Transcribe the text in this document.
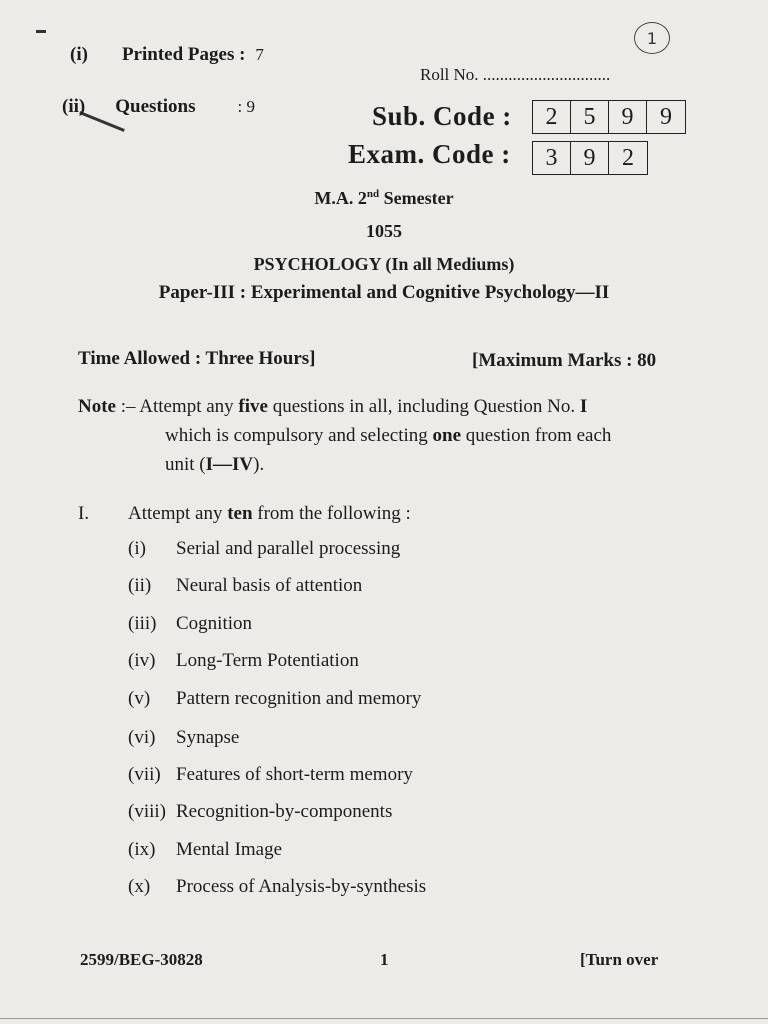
1
(i) Printed Pages : 7
Roll No. ..............................
(ii) Questions : 9	Sub. Code :	2	5	9	9
Exam. Code :	3	9	2
M.A. 2nd Semester
1055
PSYCHOLOGY (In all Mediums)
Paper-III : Experimental and Cognitive Psychology—II
Time Allowed : Three Hours]	[Maximum Marks : 80
Note :– Attempt any five questions in all, including Question No. I
which is compulsory and selecting one question from each
unit (I—IV).
I. Attempt any ten from the following :
(i) Serial and parallel processing
(ii) Neural basis of attention
(iii) Cognition
(iv) Long-Term Potentiation
(v) Pattern recognition and memory
(vi) Synapse
(vii) Features of short-term memory
(viii) Recognition-by-components
(ix) Mental Image
(x) Process of Analysis-by-synthesis
2599/BEG-30828	1	[Turn over
